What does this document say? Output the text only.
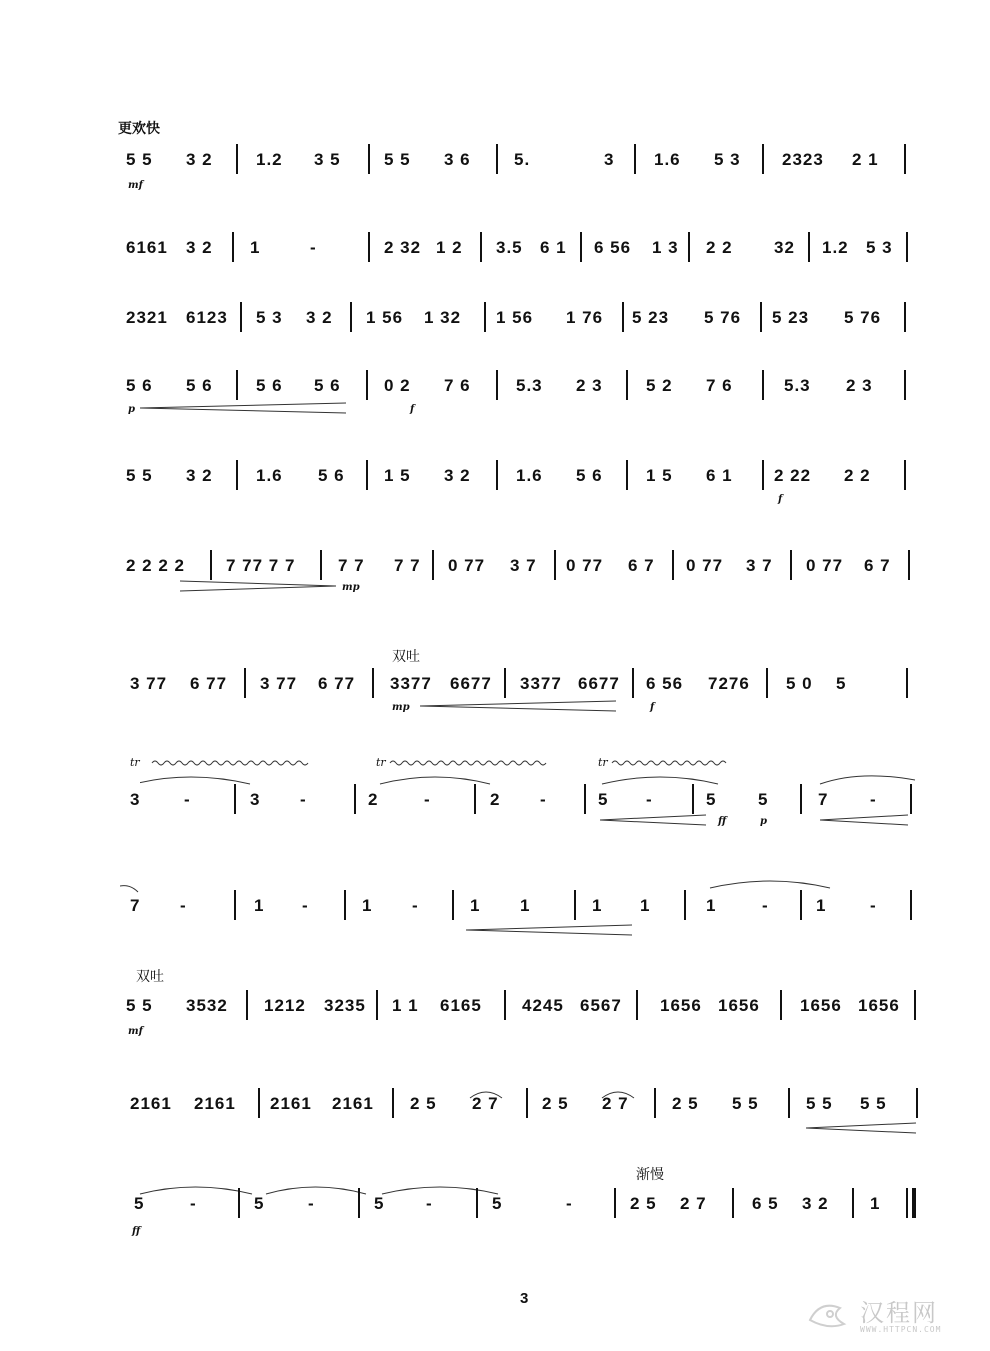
更欢快
5 5 3 2	1.2 3 5	5 5 3 6	5.	3 1.6 5 3 2323 2 1
mf
6161 3 2 1	-	2 32 1 2 3.5 6 1 6 56 1 3 2 2 32 1.2 5 3
2321 6123 5 3 3 2 1 56 1 32 1 56 1 76 5 23 5 76 5 23 5 76
5 6 5 6	5 6 5 6	0 2 7 6	5.3 2 3	5 2 7 6	5.3 2 3
p	f
5 5 3 2	1.6 5 6 1 5 3 2	1.6 5 6	1 5 6 1 2 22 2 2
f
2 2 2 2 7 77 7 7	7 7 7 7 0 77 3 7 0 77 6 7 0 77 3 7 0 77 6 7
mp
双吐
3 77 6 77 3 77 6 77 3377 6677 3377 6677 6 56 7276 5 0 5
mp	f
tr	tr	tr
3	-	3 -	2	-	2 -	5 -	5 5	7 -
ff	p
7 -	1 -	1 -	1 1	1 1	1	-	1	-
双吐
5 5 3532 1212 3235 1 1 6165 4245 6567 1656 1656 1656 1656
mf
2161 2161 2161 2161 2 5 2 7	2 5 2 7	2 5 5 5	5 5 5 5
渐慢
5	-	5	-	5 -	5	-	2 5 2 7	6 5 3 2 1
ff
3
汉程网
WWW.HTTPCN.COM
